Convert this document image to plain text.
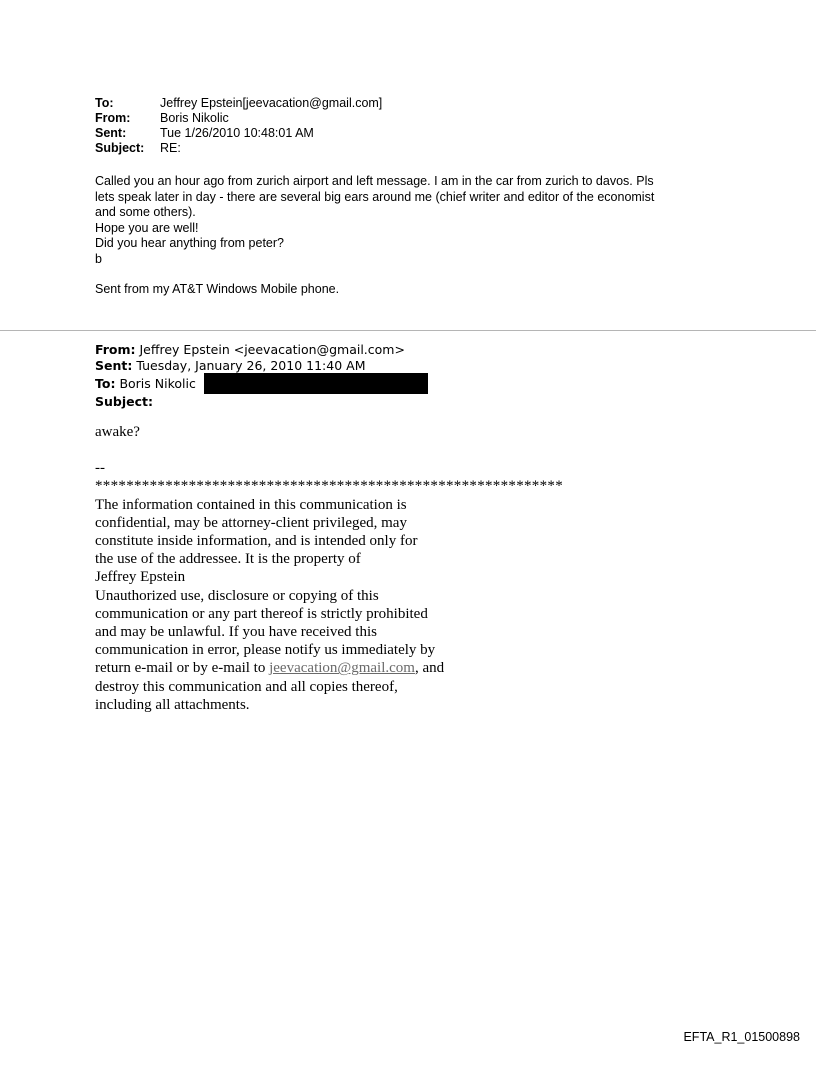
To:	Jeffrey Epstein[jeevacation@gmail.com]
From:	Boris Nikolic
Sent:	Tue 1/26/2010 10:48:01 AM
Subject:	RE:
Called you an hour ago from zurich airport and left message. I am in the car from zurich to davos. Pls
lets speak later in day - there are several big ears around me (chief writer and editor of the economist
and some others).
Hope you are well!
Did you hear anything from peter?
b
Sent from my AT&T Windows Mobile phone.
From: Jeffrey Epstein <jeevacation@gmail.com>
Sent: Tuesday, January 26, 2010 11:40 AM
To: Boris Nikolic
Subject:
awake?
--
************************************************************
The information contained in this communication is
confidential, may be attorney-client privileged, may
constitute inside information, and is intended only for
the use of the addressee. It is the property of
Jeffrey Epstein
Unauthorized use, disclosure or copying of this
communication or any part thereof is strictly prohibited
and may be unlawful. If you have received this
communication in error, please notify us immediately by
return e-mail or by e-mail to jeevacation@gmail.com, and
destroy this communication and all copies thereof,
including all attachments.
EFTA_R1_01500898
